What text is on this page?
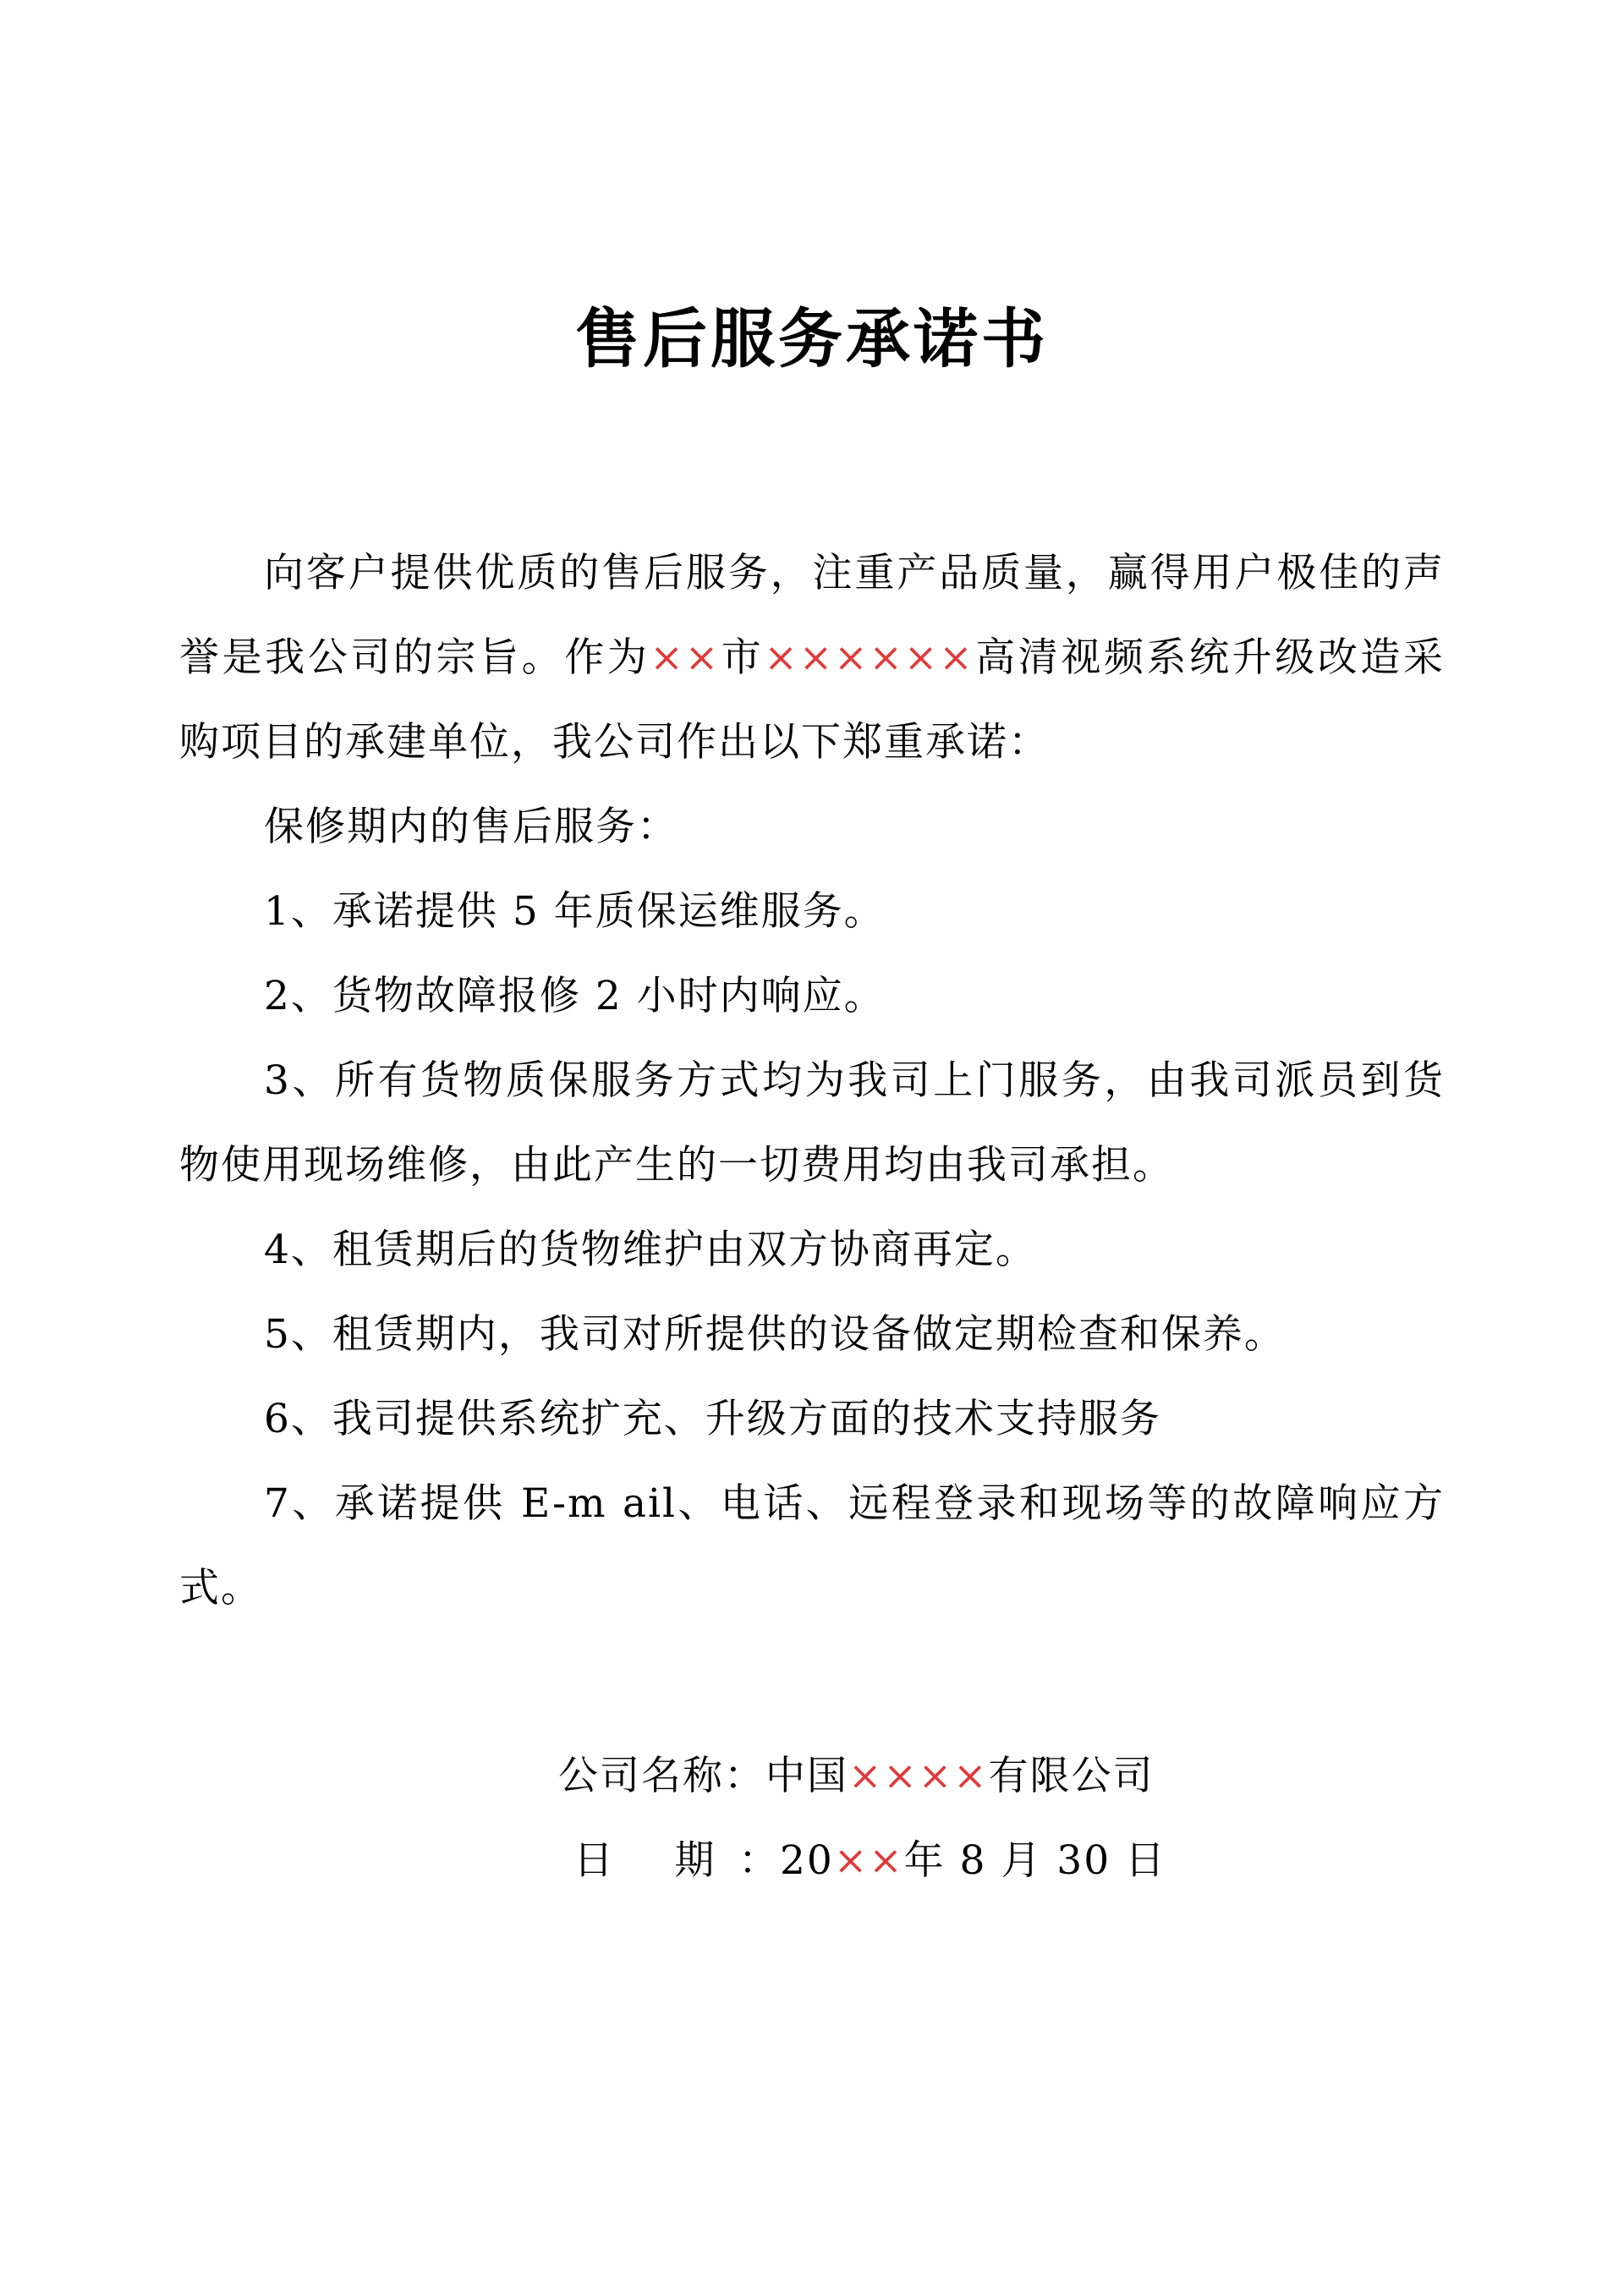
售后服务承诺书

向客户提供优质的售后服务，注重产品质量，赢得用户极佳的声誉是我公司的宗旨。作为××市××××××高清视频系统升级改造采购项目的承建单位，我公司作出以下郑重承诺：

保修期内的售后服务：

1、承诺提供 5 年质保运维服务。

2、货物故障报修 2 小时内响应。

3、所有货物质保服务方式均为我司上门服务，由我司派员到货物使用现场维修，由此产生的一切费用均由我司承担。

4、租赁期后的货物维护由双方协商再定。

5、租赁期内，我司对所提供的设备做定期检查和保养。

6、我司提供系统扩充、升级方面的技术支持服务

7、承诺提供 E-m ail、电话、远程登录和现场等的故障响应方式。

公司名称：中国××××有限公司
日 期：20××年 8 月 30 日
